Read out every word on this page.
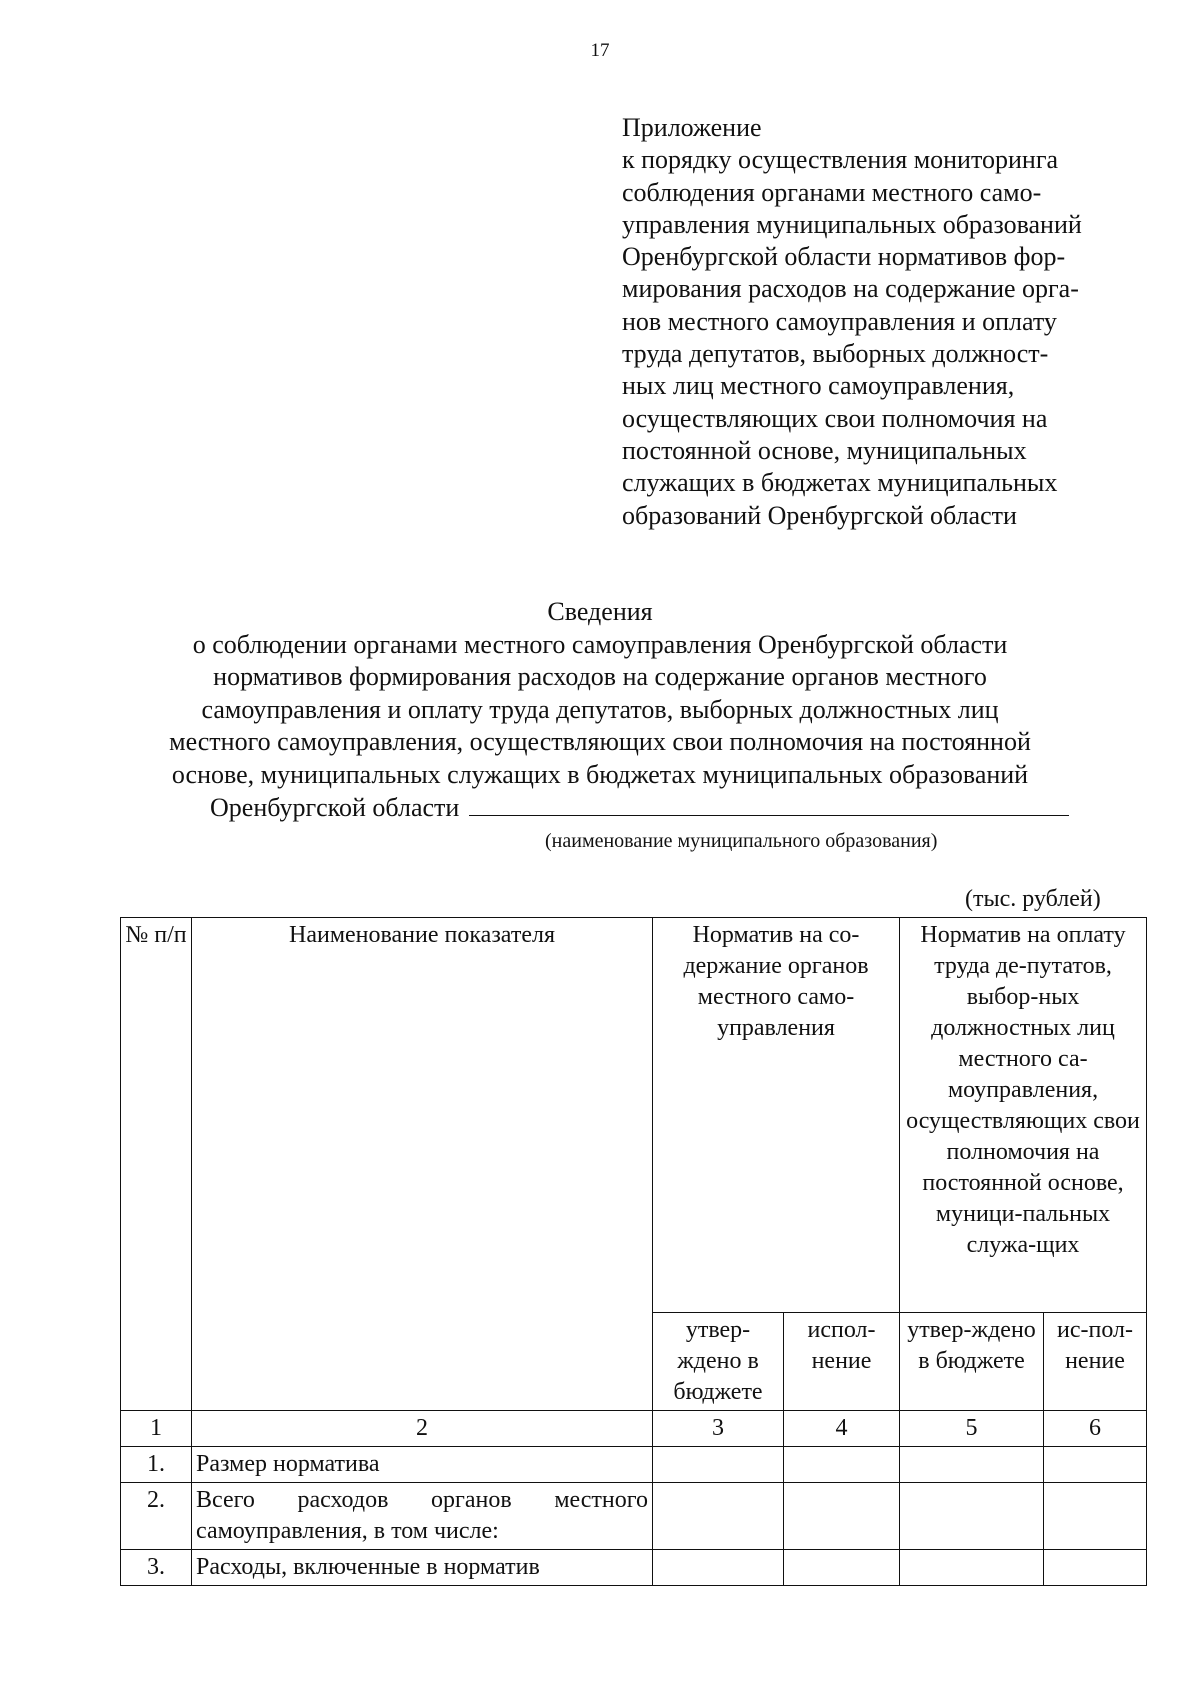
17
Приложение
к порядку осуществления мониторинга
соблюдения органами местного само-
управления муниципальных образований
Оренбургской области нормативов фор-
мирования расходов на содержание орга-
нов местного самоуправления и оплату
труда депутатов, выборных должност-
ных лиц местного самоуправления,
осуществляющих свои полномочия на
постоянной основе, муниципальных
служащих в бюджетах муниципальных
образований Оренбургской области
Сведения
о соблюдении органами местного самоуправления Оренбургской области
нормативов формирования расходов на содержание органов местного
самоуправления и оплату труда депутатов, выборных должностных лиц
местного самоуправления, осуществляющих свои полномочия на постоянной
основе, муниципальных служащих в бюджетах муниципальных образований
Оренбургской области
(наименование муниципального образования)
(тыс. рублей)
№ п/п	Наименование показателя	Норматив на со-держание органов местного само-управления		Норматив на оплату труда де-путатов, выбор-ных должностных лиц местного са-моуправления, осуществляющих свои полномочия на постоянной основе, муници-пальных служа-щих	
		утвер-ждено в бюджете	испол-нение	утвер-ждено в бюджете	ис-пол-нение
1	2	3	4	5	6
1.	Размер норматива				
2.	Всего расходов органов местного самоуправления, в том числе:				
3.	Расходы, включенные в норматив				
